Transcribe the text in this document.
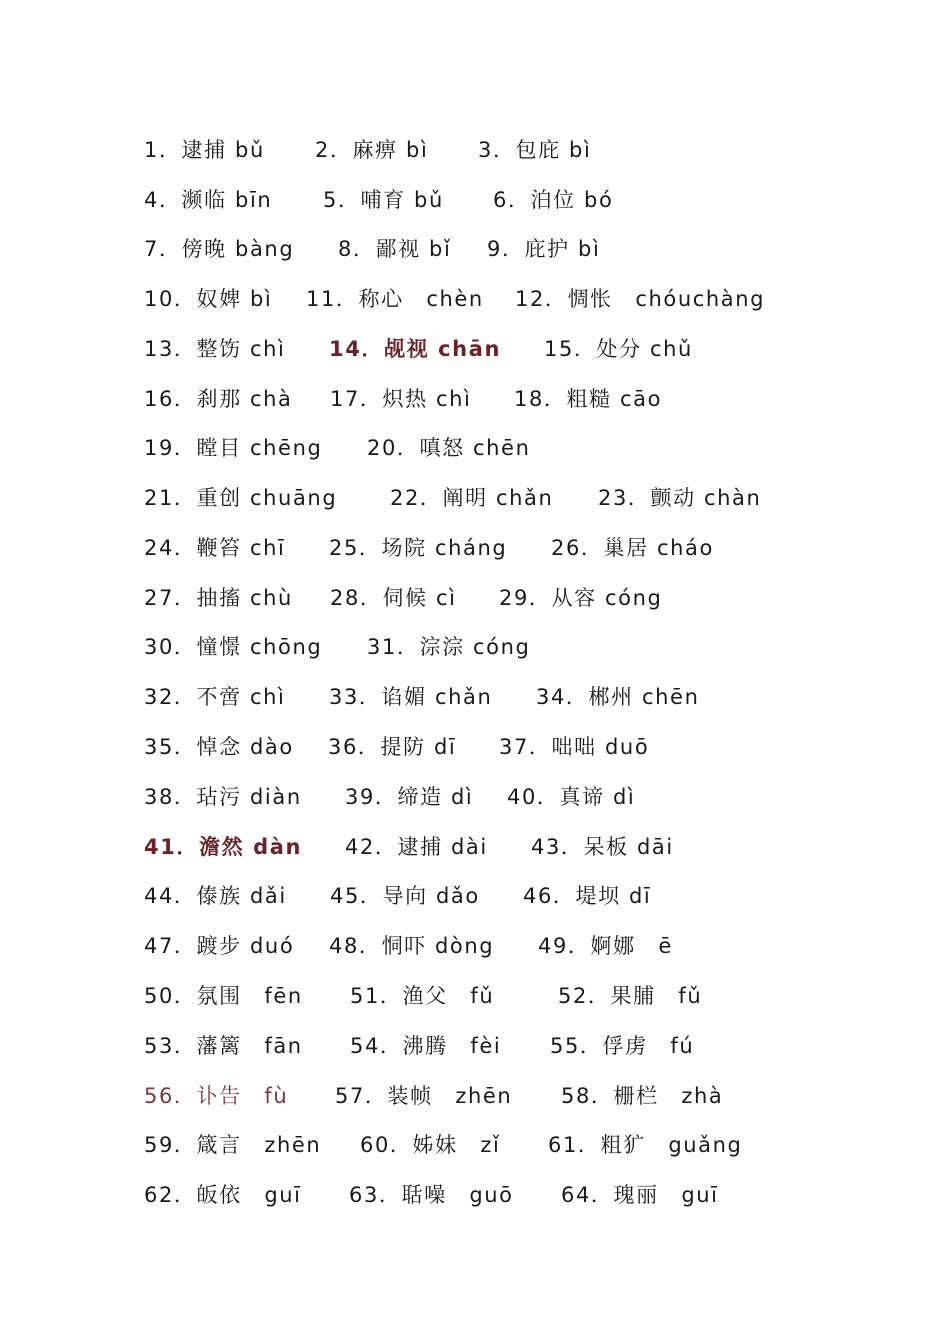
1．逮捕 bǔ 2．麻痹 bì 3．包庇 bì
4．濒临 bīn 5．哺育 bǔ 6．泊位 bó
7．傍晚 bàng 8．鄙视 bǐ 9．庇护 bì
10．奴婢 bì 11．称心　chèn 12．惆怅　chóuchàng
13．整饬 chì 14．觇视 chān 15．处分 chǔ
16．刹那 chà 17．炽热 chì 18．粗糙 cāo
19．瞠目 chēng 20．嗔怒 chēn
21．重创 chuāng	22．阐明 chǎn 23．颤动 chàn
24．鞭笞 chī 25．场院 cháng 26．巢居 cháo
27．抽搐 chù 28．伺候 cì 29．从容 cóng
30．憧憬 chōng 31．淙淙 cóng
32．不啻 chì 33．谄媚 chǎn 34．郴州 chēn
35．悼念 dào 36．提防 dī 37．咄咄 duō
38．玷污 diàn 39．缔造 dì 40．真谛 dì
41．澹然 dàn 42．逮捕 dài 43．呆板 dāi
44．傣族 dǎi 45．导向 dǎo 46．堤坝 dī
47．踱步 duó 48．恫吓 dòng 49．婀娜　ē
50．氛围　fēn 51．渔父　fǔ	52．果脯　fǔ
53．藩篱　fān 54．沸腾　fèi 55．俘虏　fú
56．讣告　fù 57．装帧　zhēn 58．栅栏　zhà
59．箴言　zhēn 60．姊妹　zǐ 61．粗犷　guǎng
62．皈依　guī 63．聒噪　guō 64．瑰丽　guī
